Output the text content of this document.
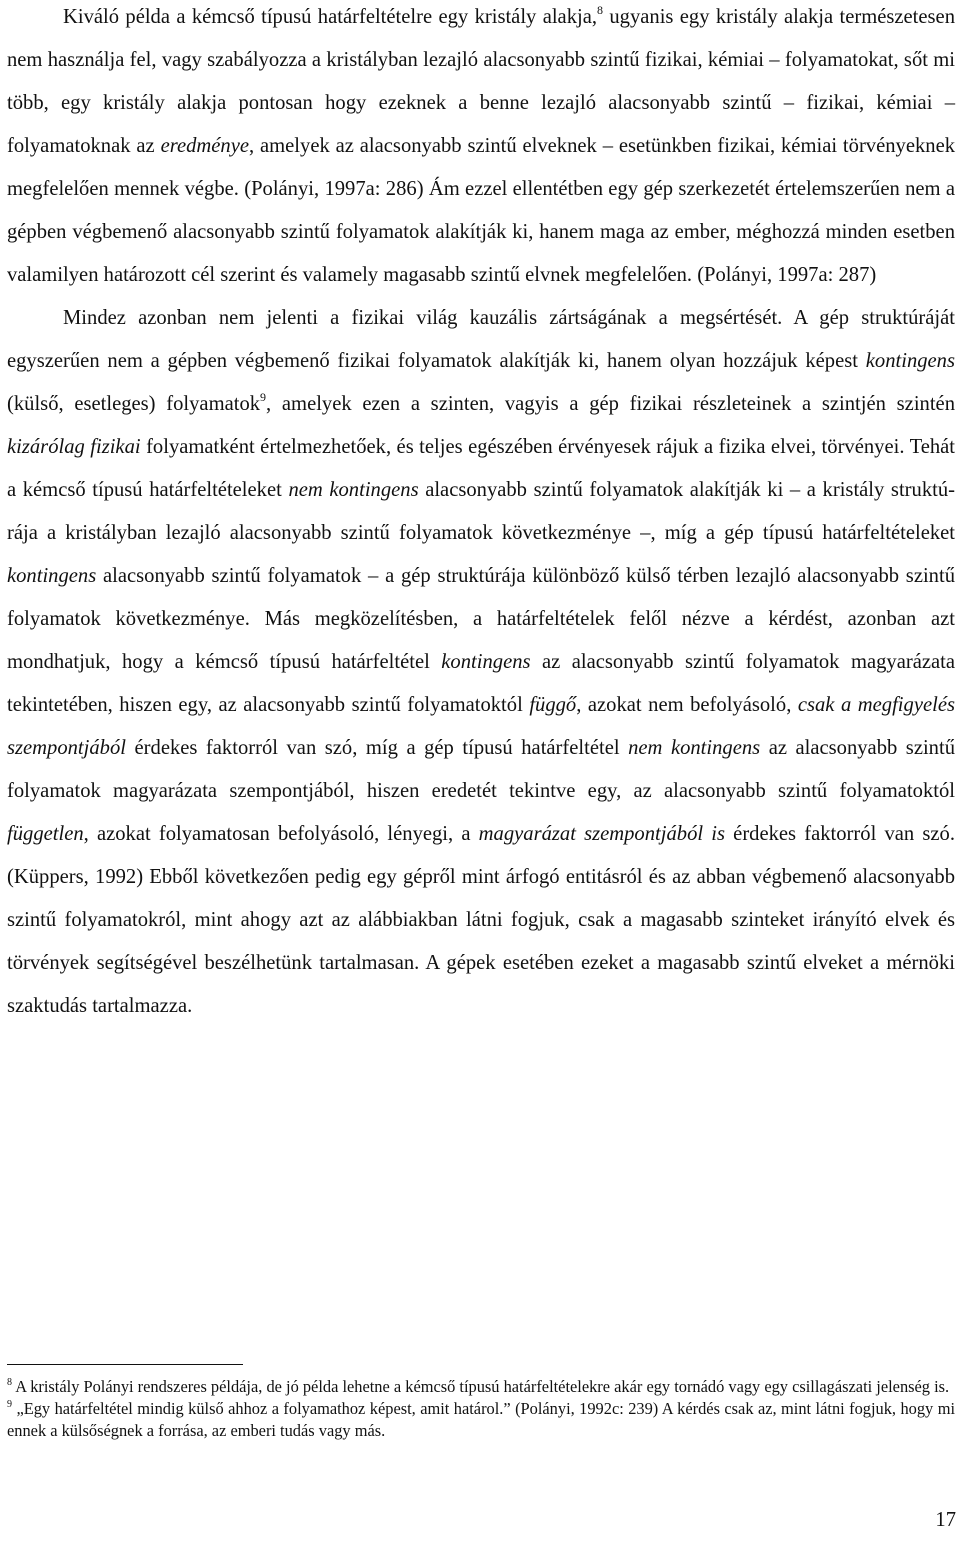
Kiváló példa a kémcső típusú határfeltételre egy kristály alakja,$^8$ ugyanis egy kristály alakja természetesen nem használja fel, vagy szabályozza a kristályban lezajló alacsonyabb szintű fizikai, kémiai – folyamatokat, sőt mi több, egy kristály alakja pontosan hogy ezeknek a benne lezajló alacsonyabb szintű – fizikai, kémiai – folyamatoknak az eredménye, amelyek az alacsonyabb szintű elveknek – esetünkben fizikai, kémiai törvényeknek megfelelően mennek végbe. (Polányi, 1997a: 286) Ám ezzel ellentétben egy gép szerkezetét értelemszerűen nem a gépben végbemenő alacsonyabb szintű folyamatok alakítják ki, hanem maga az ember, méghozzá minden esetben valamilyen határozott cél szerint és valamely magasabb szintű elvnek megfelelően. (Polányi, 1997a: 287)

Mindez azonban nem jelenti a fizikai világ kauzális zártságának a megsértését. A gép struktúráját egyszerűen nem a gépben végbemenő fizikai folyamatok alakítják ki, hanem olyan hozzájuk képest kontingens (külső, esetleges) folyamatok$^9$, amelyek ezen a szinten, vagyis a gép fizikai részleteinek a szintjén szintén kizárólag fizikai folyamatként értelmezhetőek, és teljes egészében érvényesek rájuk a fizika elvei, törvényei. Tehát a kémcső típusú határfeltételeket nem kontingens alacsonyabb szintű folyamatok alakítják ki – a kristály struktúrája a kristályban lezajló alacsonyabb szintű folyamatok következménye –, míg a gép típusú határfeltételeket kontingens alacsonyabb szintű folyamatok – a gép struktúrája különböző külső térben lezajló alacsonyabb szintű folyamatok következménye. Más megközelítésben, a határfeltételek felől nézve a kérdést, azonban azt mondhatjuk, hogy a kémcső típusú határfeltétel kontingens az alacsonyabb szintű folyamatok magyarázata tekintetében, hiszen egy, az alacsonyabb szintű folyamatoktól függő, azokat nem befolyásoló, csak a megfigyelés szempontjából érdekes faktorról van szó, míg a gép típusú határfeltétel nem kontingens az alacsonyabb szintű folyamatok magyarázata szempontjából, hiszen eredetét tekintve egy, az alacsonyabb szintű folyamatoktól független, azokat folyamatosan befolyásoló, lényegi, a magyarázat szempontjából is érdekes faktorról van szó. (Küppers, 1992) Ebből következően pedig egy gépről mint árfogó entitásról és az abban végbemenő alacsonyabb szintű folyamatokról, mint ahogy azt az alábbiakban látni fogjuk, csak a magasabb szinteket irányító elvek és törvények segítségével beszélhetünk tartalmasan. A gépek esetében ezeket a magasabb szintű elveket a mérnöki szaktudás tartalmazza.

$^8$ A kristály Polányi rendszeres példája, de jó példa lehetne a kémcső típusú határfeltételekre akár egy tornádó vagy egy csillagászati jelenség is.

$^9$ „Egy határfeltétel mindig külső ahhoz a folyamathoz képest, amit határol.” (Polányi, 1992c: 239) A kérdés csak az, mint látni fogjuk, hogy mi ennek a külsőségnek a forrása, az emberi tudás vagy más.

17
